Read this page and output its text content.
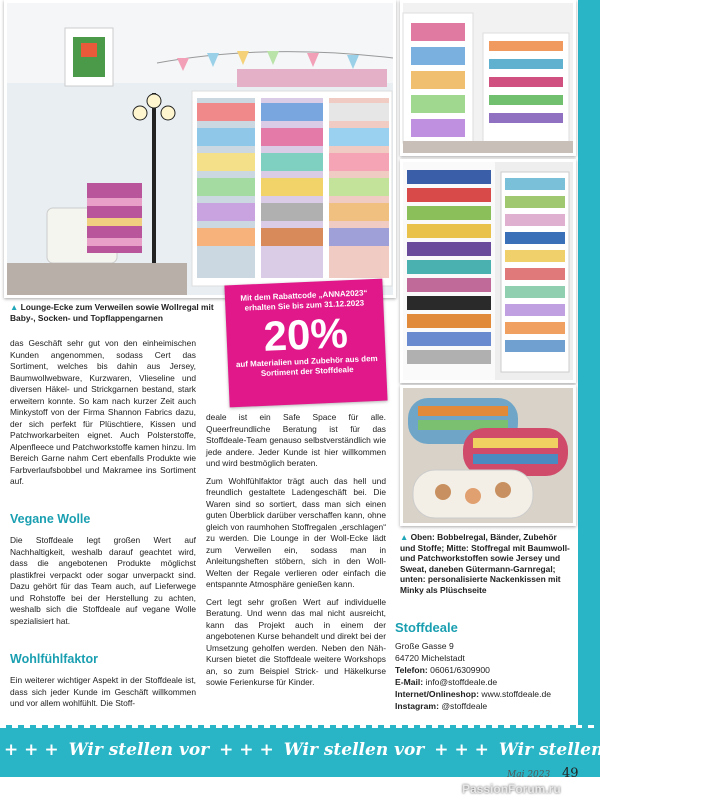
▲ Lounge-Ecke zum Verweilen sowie Wollregal mit Baby-, Socken- und Topflappengarnen
▲ Oben: Bobbelregal, Bänder, Zubehör und Stoffe; Mitte: Stoffregal mit Baumwoll- und Patchworkstoffen sowie Jersey und Sweat, daneben Gütermann-Garnregal; unten: personalisierte Nackenkissen mit Minky als Plüschseite
Mit dem Rabattcode „ANNA2023“ erhalten Sie bis zum 31.12.2023
20%
auf Materialien und Zubehör aus dem Sortiment der Stoffdeale

das Geschäft sehr gut von den einheimischen Kunden angenommen, sodass Cert das Sortiment, welches bis dahin aus Jersey, Baumwollwebware, Kurzwaren, Vlieseline und diversen Häkel- und Strickgarnen bestand, stark erweitern konnte. So kam nach kurzer Zeit auch Minkystoff von der Firma Shannon Fabrics dazu, der sich perfekt für Plüschtiere, Kissen und Patchworkarbeiten eignet. Auch Polsterstoffe, Alpenfleece und Patchworkstoffe kamen hinzu. Im Bereich Garne nahm Cert ebenfalls Produkte wie Farbverlaufsbobbel und Makramee ins Sortiment auf.

Vegane Wolle

Die Stoffdeale legt großen Wert auf Nachhaltigkeit, weshalb darauf geachtet wird, dass die angebotenen Produkte möglichst plastikfrei verpackt oder sogar unverpackt sind. Dazu gehört für das Team auch, auf Lieferwege und Rohstoffe bei der Herstellung zu achten, weshalb sich die Stoffdeale auf vegane Wolle spezialisiert hat.

Wohlfühlfaktor

Ein weiterer wichtiger Aspekt in der Stoffdeale ist, dass sich jeder Kunde im Geschäft willkommen und vor allem wohlfühlt. Die Stoff-

deale ist ein Safe Space für alle. Queerfreundliche Beratung ist für das Stoffdeale-Team genauso selbstverständlich wie jede andere. Jeder Kunde ist hier willkommen und wird bestmöglich beraten.

Zum Wohlfühlfaktor trägt auch das hell und freundlich gestaltete Ladengeschäft bei. Die Waren sind so sortiert, dass man sich einen guten Überblick darüber verschaffen kann, ohne gleich von raumhohen Stoffregalen „erschlagen“ zu werden. Die Lounge in der Woll-Ecke lädt zum Verweilen ein, sodass man in Anleitungsheften stöbern, sich in den Woll-Welten der Regale verlieren oder einfach die entspannte Atmosphäre genießen kann.

Cert legt sehr großen Wert auf individuelle Beratung. Und wenn das mal nicht ausreicht, kann das Projekt auch in einem der angebotenen Kurse behandelt und direkt bei der Umsetzung geholfen werden. Neben den Näh-Kursen bietet die Stoffdeale weitere Workshops an, so zum Beispiel Strick- und Häkelkurse sowie Ferienkurse für Kinder.

Stoffdeale
Große Gasse 9
64720 Michelstadt
Telefon: 06061/6309900
E-Mail: info@stoffdeale.de
Internet/Onlineshop: www.stoffdeale.de
Instagram: @stoffdeale
+ + + Wir stellen vor + + + Wir stellen vor + + + Wir stellen vor + + +
Mai 2023 49
PassionForum.ru
